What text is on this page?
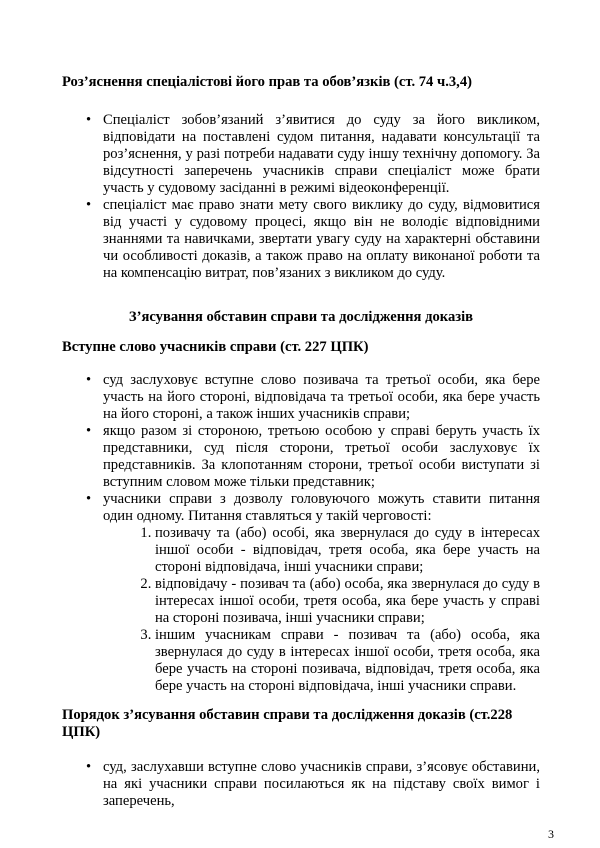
Роз’яснення спеціалістові його прав та обов’язків (ст. 74 ч.3,4)

• Спеціаліст зобов’язаний з’явитися до суду за його викликом, відповідати на поставлені судом питання, надавати консультації та роз’яснення, у разі потреби надавати суду іншу технічну допомогу. За відсутності заперечень учасників справи спеціаліст може брати участь у судовому засіданні в режимі відеоконференції.
• спеціаліст має право знати мету свого виклику до суду, відмовитися від участі у судовому процесі, якщо він не володіє відповідними знаннями та навичками, звертати увагу суду на характерні обставини чи особливості доказів, а також право на оплату виконаної роботи та на компенсацію витрат, пов’язаних з викликом до суду.

З’ясування обставин справи та дослідження доказів

Вступне слово учасників справи (ст. 227 ЦПК)

• суд заслуховує вступне слово позивача та третьої особи, яка бере участь на його стороні, відповідача та третьої особи, яка бере участь на його стороні, а також інших учасників справи;
• якщо разом зі стороною, третьою особою у справі беруть участь їх представники, суд після сторони, третьої особи заслуховує їх представників. За клопотанням сторони, третьої особи виступати зі вступним словом може тільки представник;
• учасники справи з дозволу головуючого можуть ставити питання один одному. Питання ставляться у такій черговості:
1. позивачу та (або) особі, яка звернулася до суду в інтересах іншої особи - відповідач, третя особа, яка бере участь на стороні відповідача, інші учасники справи;
2. відповідачу - позивач та (або) особа, яка звернулася до суду в інтересах іншої особи, третя особа, яка бере участь у справі на стороні позивача, інші учасники справи;
3. іншим учасникам справи - позивач та (або) особа, яка звернулася до суду в інтересах іншої особи, третя особа, яка бере участь на стороні позивача, відповідач, третя особа, яка бере участь на стороні відповідача, інші учасники справи.

Порядок з’ясування обставин справи та дослідження доказів (ст.228 ЦПК)

• суд, заслухавши вступне слово учасників справи, з’ясовує обставини, на які учасники справи посилаються як на підставу своїх вимог і заперечень,
3
